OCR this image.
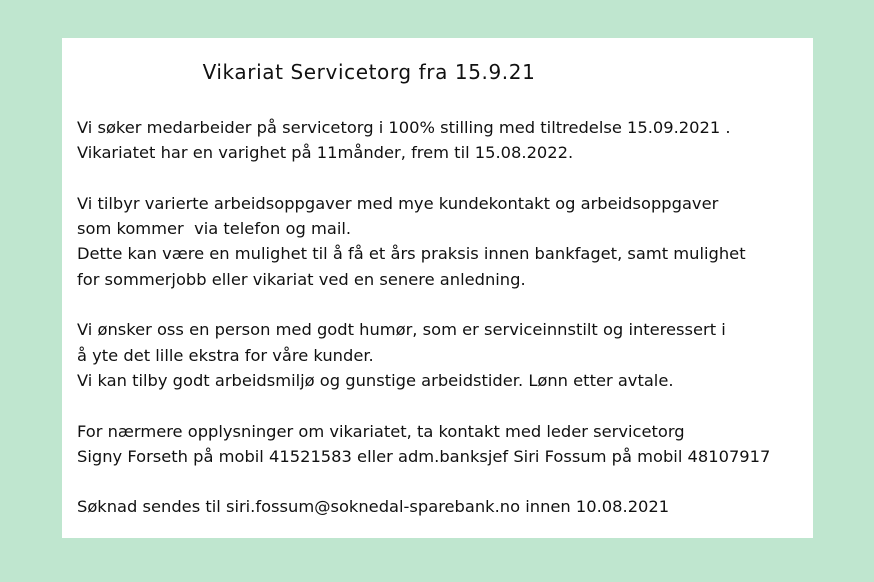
Vikariat Servicetorg fra 15.9.21
Vi søker medarbeider på servicetorg i 100% stilling med tiltredelse 15.09.2021 .
Vikariatet har en varighet på 11månder, frem til 15.08.2022.
Vi tilbyr varierte arbeidsoppgaver med mye kundekontakt og arbeidsoppgaver
som kommer  via telefon og mail.
Dette kan være en mulighet til å få et års praksis innen bankfaget, samt mulighet
for sommerjobb eller vikariat ved en senere anledning.
Vi ønsker oss en person med godt humør, som er serviceinnstilt og interessert i
å yte det lille ekstra for våre kunder.
Vi kan tilby godt arbeidsmiljø og gunstige arbeidstider. Lønn etter avtale.
For nærmere opplysninger om vikariatet, ta kontakt med leder servicetorg
Signy Forseth på mobil 41521583 eller adm.banksjef Siri Fossum på mobil 48107917
Søknad sendes til siri.fossum@soknedal-sparebank.no innen 10.08.2021
